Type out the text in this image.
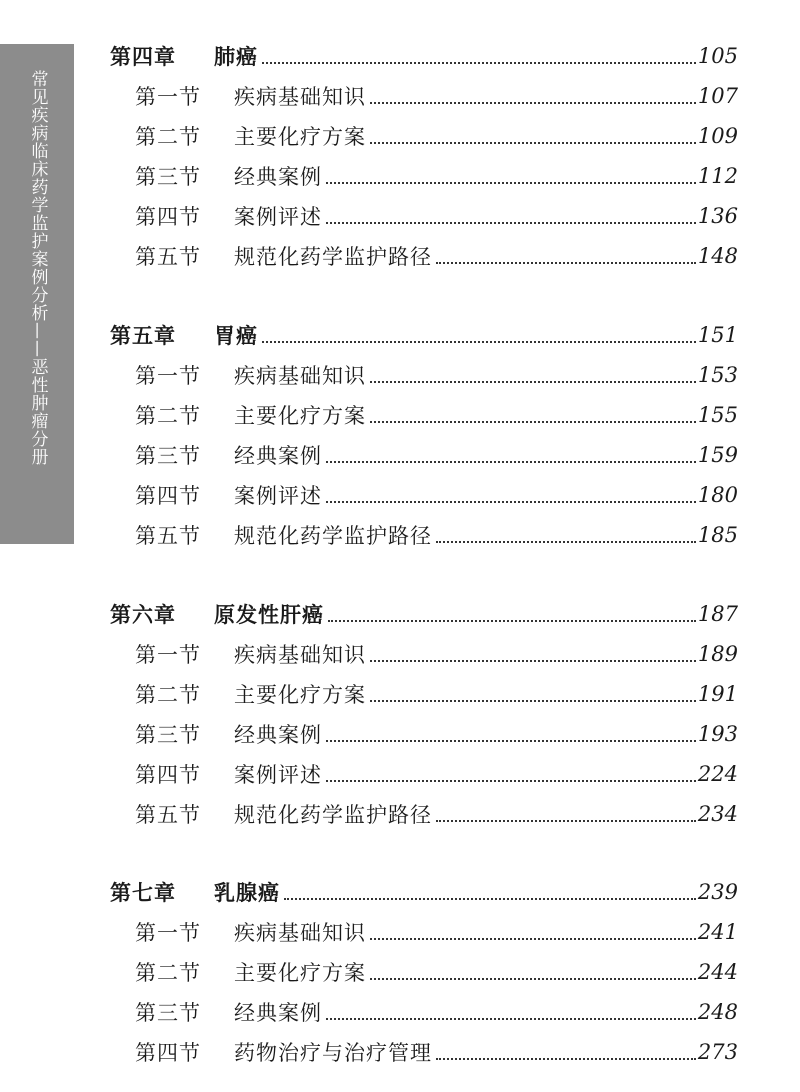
常见疾病临床药学监护案例分析——恶性肿瘤分册
第四章	肺癌	105
第一节	疾病基础知识	107
第二节	主要化疗方案	109
第三节	经典案例	112
第四节	案例评述	136
第五节	规范化药学监护路径	148
第五章	胃癌	151
第一节	疾病基础知识	153
第二节	主要化疗方案	155
第三节	经典案例	159
第四节	案例评述	180
第五节	规范化药学监护路径	185
第六章	原发性肝癌	187
第一节	疾病基础知识	189
第二节	主要化疗方案	191
第三节	经典案例	193
第四节	案例评述	224
第五节	规范化药学监护路径	234
第七章	乳腺癌	239
第一节	疾病基础知识	241
第二节	主要化疗方案	244
第三节	经典案例	248
第四节	药物治疗与治疗管理	273
